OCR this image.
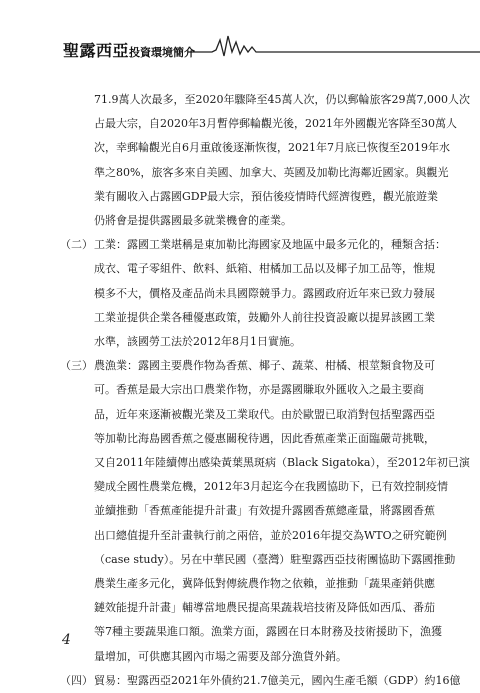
聖露西亞投資環境簡介
71.9萬人次最多，至2020年驟降至45萬人次，仍以郵輪旅客29萬7,000人次
占最大宗，自2020年3月暫停郵輪觀光後，2021年外國觀光客降至30萬人
次，幸郵輪觀光自6月重啟後逐漸恢復，2021年7月底已恢復至2019年水
準之80%，旅客多來自美國、加拿大、英國及加勒比海鄰近國家。與觀光
業有關收入占露國GDP最大宗，預估後疫情時代經濟復甦，觀光旅遊業
仍將會是提供露國最多就業機會的產業。
（二） 工業：露國工業堪稱是東加勒比海國家及地區中最多元化的，種類含括：
成衣、電子零組件、飲料、紙箱、柑橘加工品以及椰子加工品等，惟規
模多不大，價格及產品尚未具國際競爭力。露國政府近年來已致力發展
工業並提供企業各種優惠政策，鼓勵外人前往投資設廠以提昇該國工業
水準，該國勞工法於2012年8月1日實施。
（三） 農漁業：露國主要農作物為香蕉、椰子、蔬菜、柑橘、根莖類食物及可
可。香蕉是最大宗出口農業作物，亦是露國賺取外匯收入之最主要商
品，近年來逐漸被觀光業及工業取代。由於歐盟已取消對包括聖露西亞
等加勒比海島國香蕉之優惠關稅待遇，因此香蕉產業正面臨嚴苛挑戰，
又自2011年陸續傳出感染黃葉黑斑病（Black Sigatoka），至2012年初已演
變成全國性農業危機，2012年3月起迄今在我國協助下，已有效控制疫情
並續推動「香蕉產能提升計畫」有效提升露國香蕉總產量，將露國香蕉
出口總值提升至計畫執行前之兩倍，並於2016年提交為WTO之研究範例
（case study）。另在中華民國（臺灣）駐聖露西亞技術團協助下露國推動
農業生產多元化，冀降低對傳統農作物之依賴，並推動「蔬果產銷供應
鏈效能提升計畫」輔導當地農民提高果蔬栽培技術及降低如西瓜、番茄
等7種主要蔬果進口額。漁業方面，露國在日本財務及技術援助下，漁獲
量增加，可供應其國內市場之需要及部分漁貨外銷。
（四） 貿易：聖露西亞2021年外債約21.7億美元，國內生產毛額（GDP）約16億
4
